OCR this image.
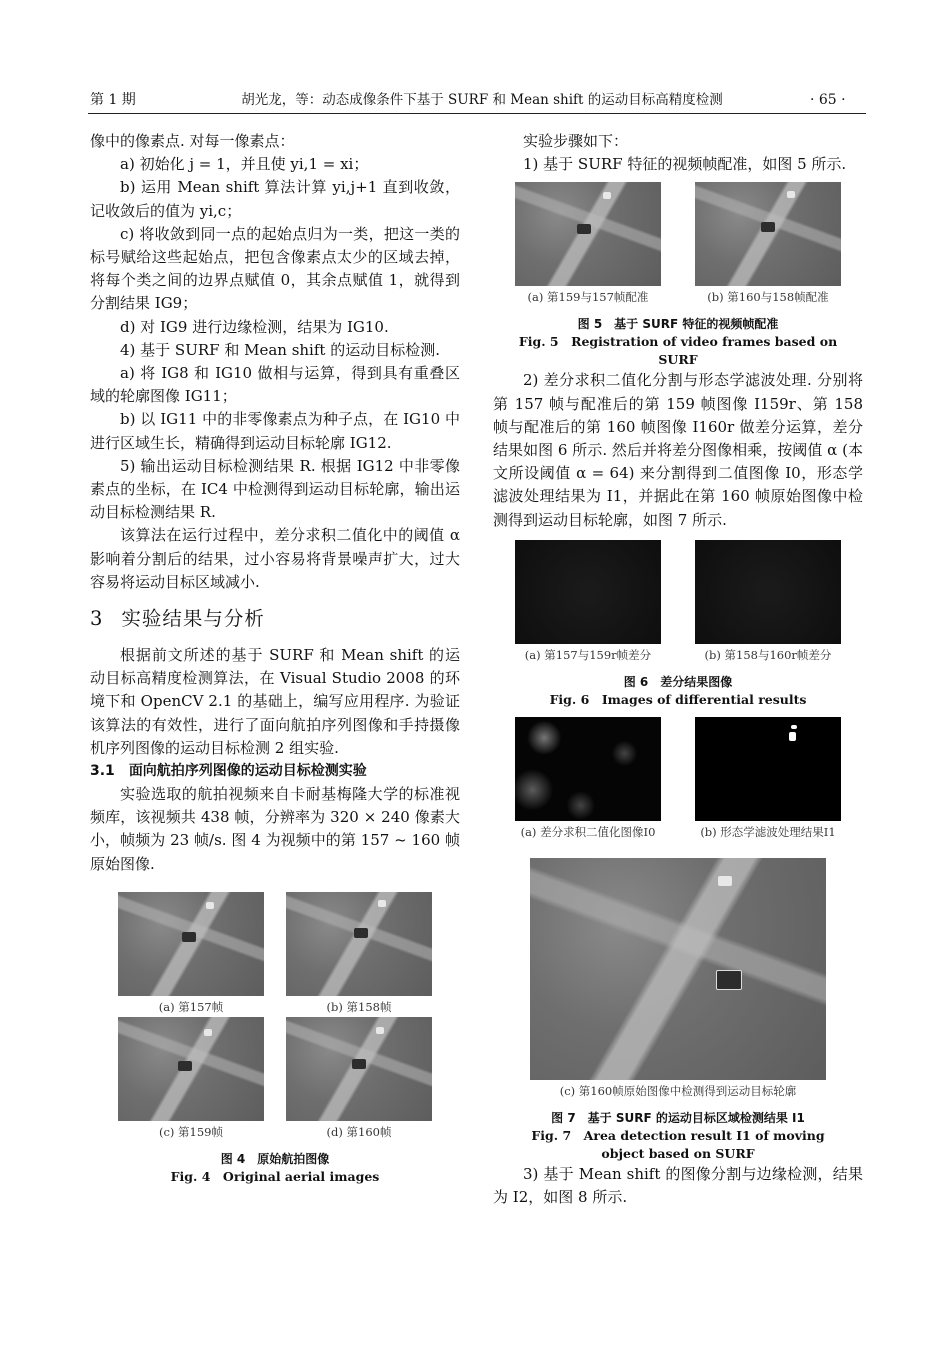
第 1 期	胡光龙，等：动态成像条件下基于 SURF 和 Mean shift 的运动目标高精度检测	· 65 ·

像中的像素点. 对每一像素点：

a) 初始化 j = 1，并且使 yi,1 = xi；

b) 运用 Mean shift 算法计算 yi,j+1 直到收敛，记收敛后的值为 yi,c；

c) 将收敛到同一点的起始点归为一类，把这一类的标号赋给这些起始点，把包含像素点太少的区域去掉，将每个类之间的边界点赋值 0，其余点赋值 1，就得到分割结果 IG9；

d) 对 IG9 进行边缘检测，结果为 IG10.

4) 基于 SURF 和 Mean shift 的运动目标检测.

a) 将 IG8 和 IG10 做相与运算，得到具有重叠区域的轮廓图像 IG11；

b) 以 IG11 中的非零像素点为种子点，在 IG10 中进行区域生长，精确得到运动目标轮廓 IG12.

5) 输出运动目标检测结果 R. 根据 IG12 中非零像素点的坐标，在 IC4 中检测得到运动目标轮廓，输出运动目标检测结果 R.

该算法在运行过程中，差分求积二值化中的阈值 α 影响着分割后的结果，过小容易将背景噪声扩大，过大容易将运动目标区域减小.

3 实验结果与分析

根据前文所述的基于 SURF 和 Mean shift 的运动目标高精度检测算法，在 Visual Studio 2008 的环境下和 OpenCV 2.1 的基础上，编写应用程序. 为验证该算法的有效性，进行了面向航拍序列图像和手持摄像机序列图像的运动目标检测 2 组实验.

3.1 面向航拍序列图像的运动目标检测实验

实验选取的航拍视频来自卡耐基梅隆大学的标准视频库，该视频共 438 帧，分辨率为 320 × 240 像素大小，帧频为 23 帧/s. 图 4 为视频中的第 157 ~ 160 帧原始图像.

(a) 第157帧	(b) 第158帧
(c) 第159帧	(d) 第160帧
图 4　原始航拍图像
Fig. 4　Original aerial images

实验步骤如下：

1) 基于 SURF 特征的视频帧配准，如图 5 所示.

(a) 第159与157帧配准	(b) 第160与158帧配准
图 5　基于 SURF 特征的视频帧配准
Fig. 5　Registration of video frames based on SURF

2) 差分求积二值化分割与形态学滤波处理. 分别将第 157 帧与配准后的第 159 帧图像 I159r、第 158 帧与配准后的第 160 帧图像 I160r 做差分运算，差分结果如图 6 所示. 然后并将差分图像相乘，按阈值 α (本文所设阈值 α = 64) 来分割得到二值图像 I0，形态学滤波处理结果为 I1，并据此在第 160 帧原始图像中检测得到运动目标轮廓，如图 7 所示.

(a) 第157与159r帧差分	(b) 第158与160r帧差分
图 6　差分结果图像
Fig. 6　Images of differential results
(a) 差分求积二值化图像I0	(b) 形态学滤波处理结果I1
(c) 第160帧原始图像中检测得到运动目标轮廓
图 7　基于 SURF 的运动目标区域检测结果 I1
Fig. 7　Area detection result I1 of moving object based on SURF

3) 基于 Mean shift 的图像分割与边缘检测，结果为 I2，如图 8 所示.
